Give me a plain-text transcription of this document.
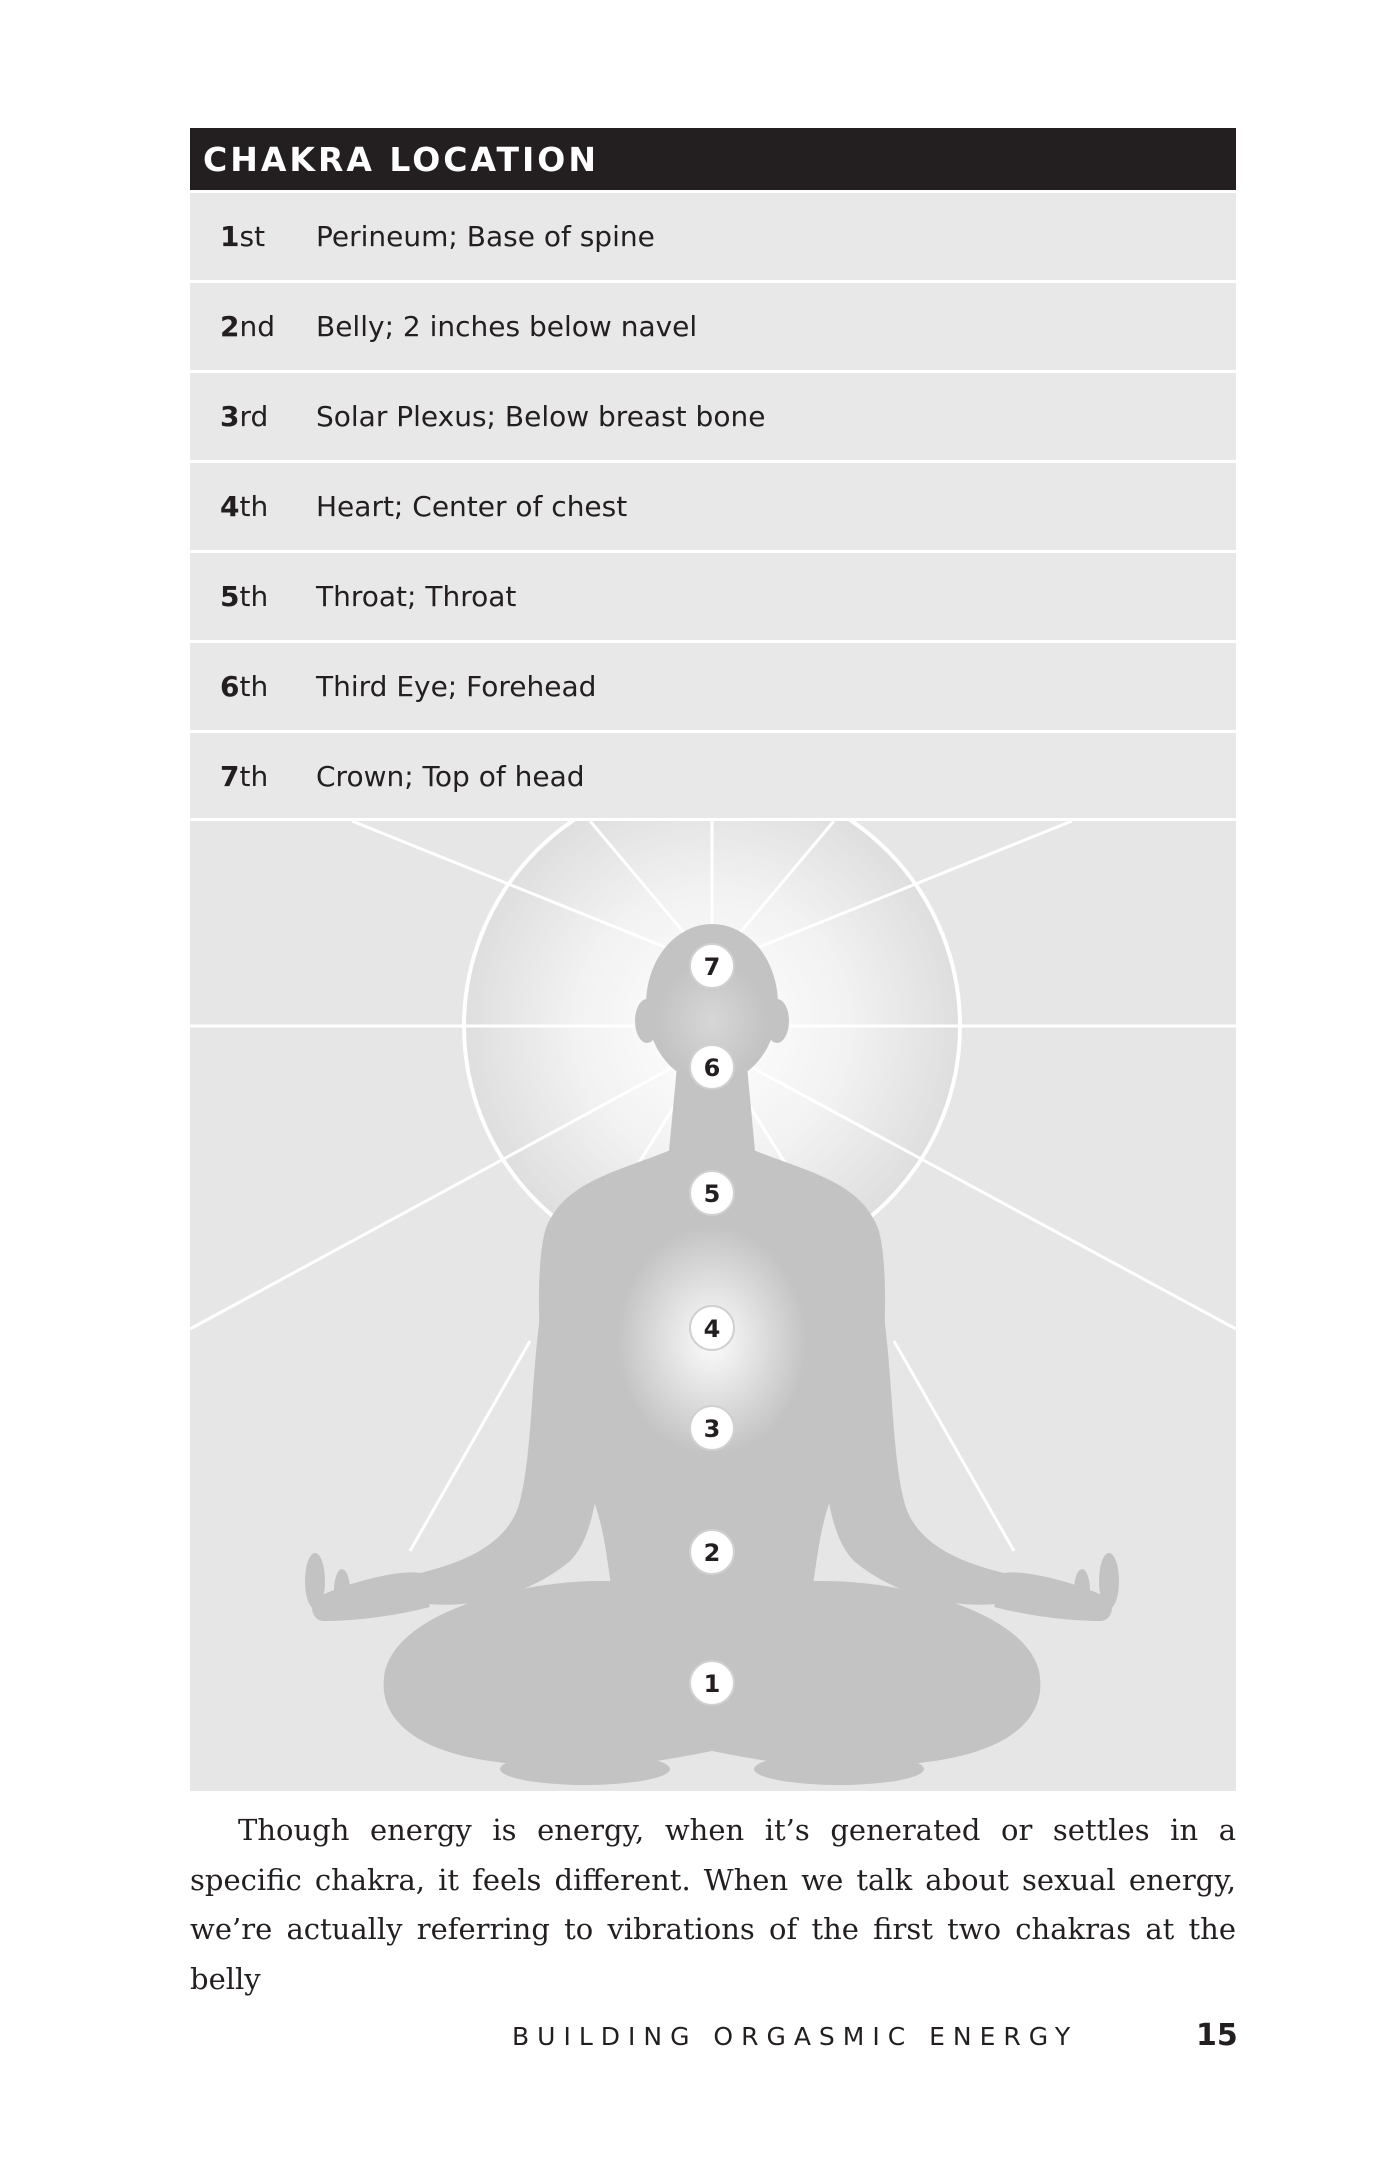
CHAKRA LOCATION
1st	Perineum; Base of spine
2nd	Belly; 2 inches below navel
3rd	Solar Plexus; Below breast bone
4th	Heart; Center of chest
5th	Throat; Throat
6th	Third Eye; Forehead
7th	Crown; Top of head
7
6
5
4
3
2
1

Though energy is energy, when it’s generated or settles in a specific chakra, it feels different. When we talk about sexual energy, we’re actually referring to vibrations of the first two chakras at the belly

BUILDING ORGASMIC ENERGY	15
